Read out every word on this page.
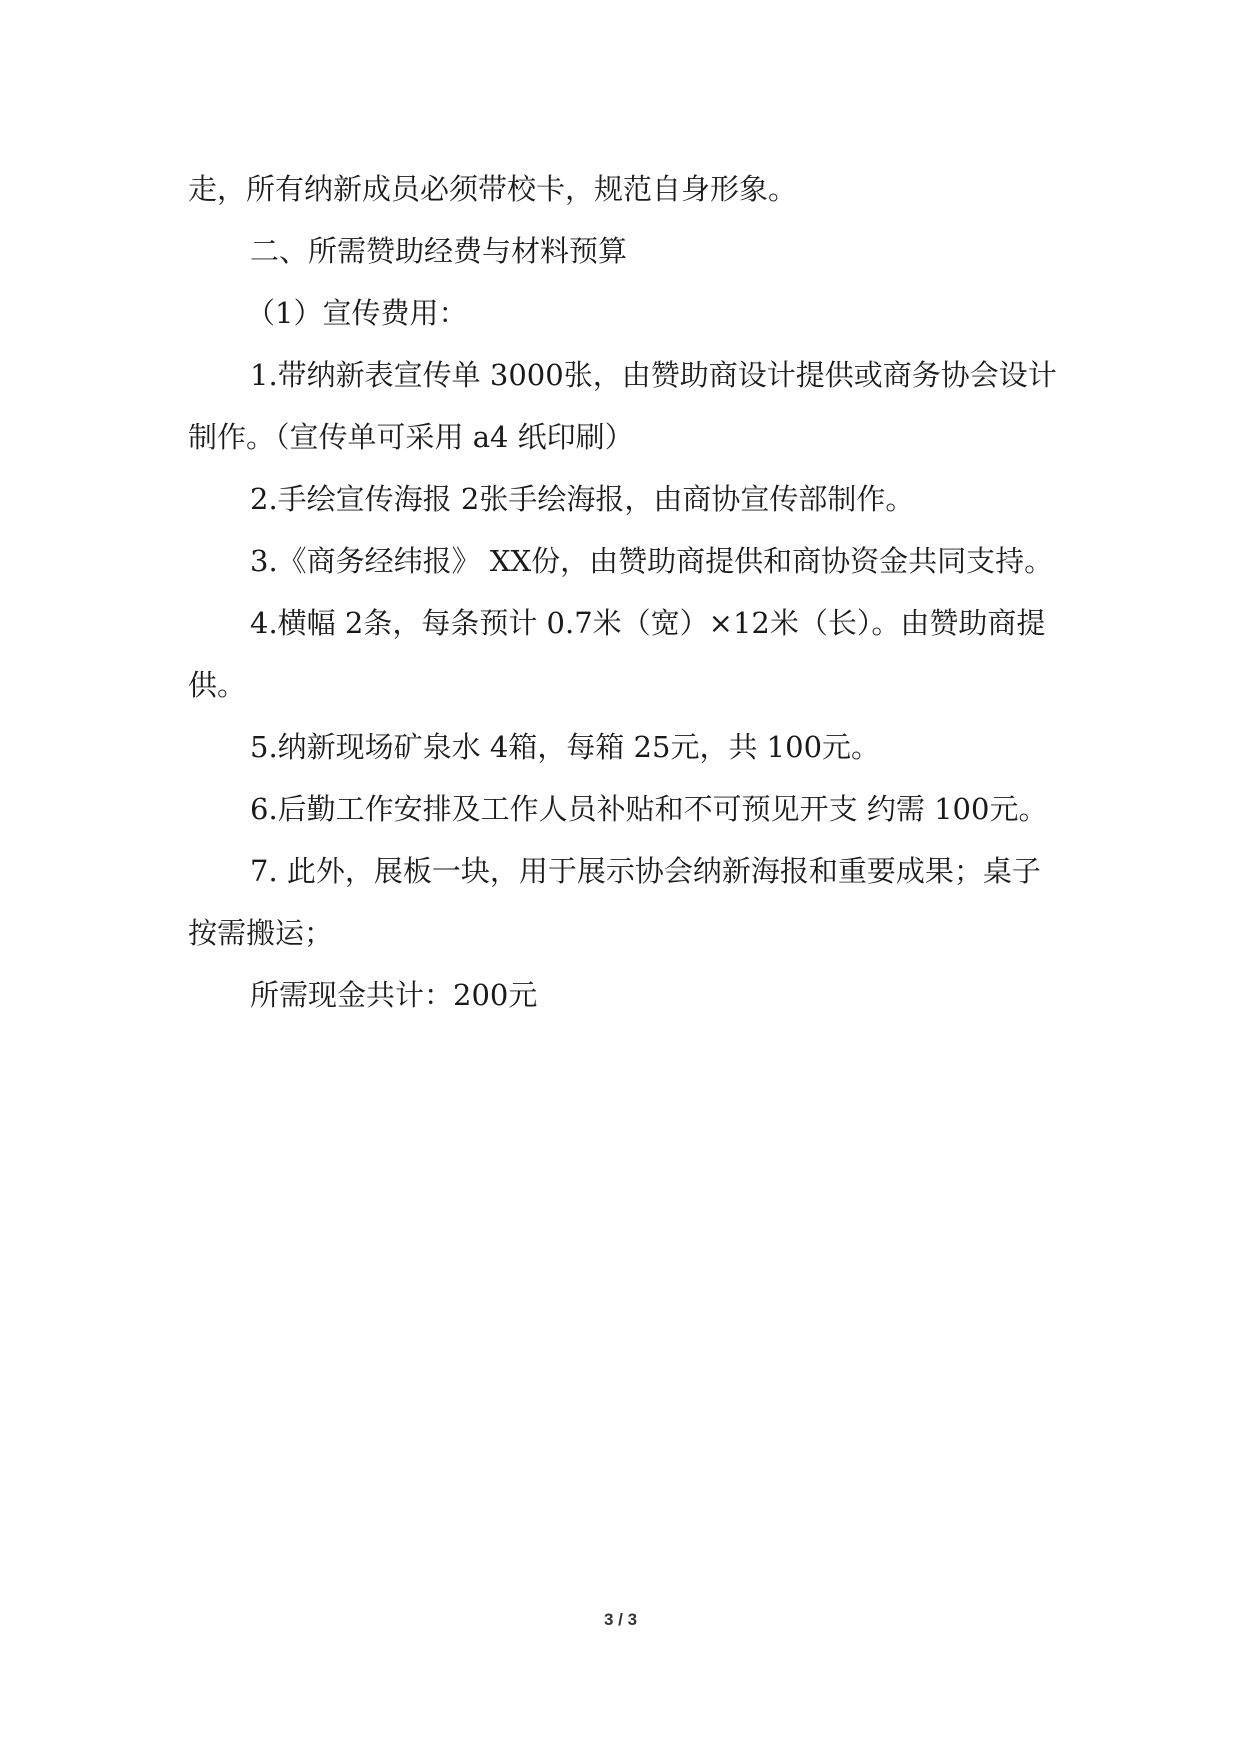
走，所有纳新成员必须带校卡，规范自身形象。

二、所需赞助经费与材料预算

（1）宣传费用：

1.带纳新表宣传单 3000张，由赞助商设计提供或商务协会设计制作。（宣传单可采用 a4 纸印刷）

2.手绘宣传海报 2张手绘海报，由商协宣传部制作。

3.《商务经纬报》 XX份，由赞助商提供和商协资金共同支持。

4.横幅 2条，每条预计 0.7米（宽）×12米（长）。由赞助商提供。

5.纳新现场矿泉水 4箱，每箱 25元，共 100元。

6.后勤工作安排及工作人员补贴和不可预见开支 约需 100元。

7. 此外，展板一块，用于展示协会纳新海报和重要成果；桌子按需搬运；

所需现金共计：200元

3 / 3
